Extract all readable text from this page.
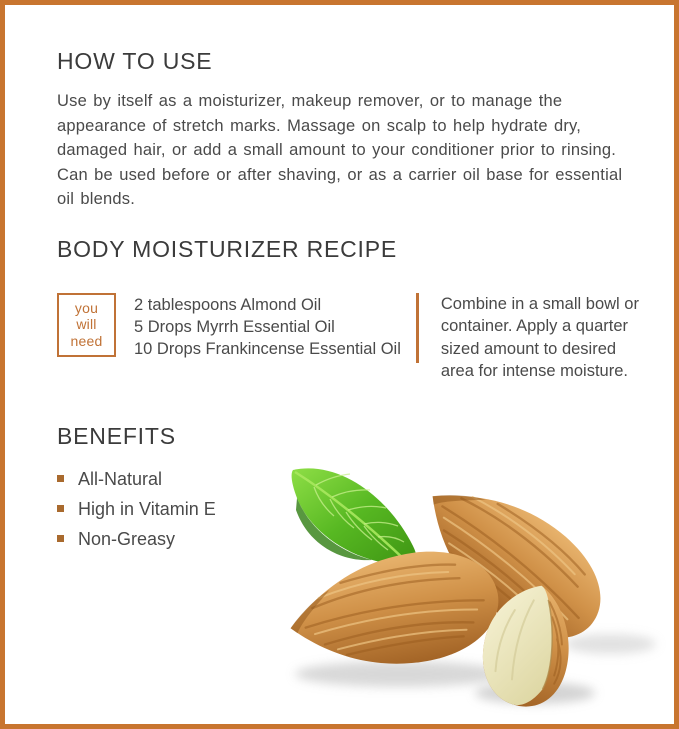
HOW TO USE

Use by itself as a moisturizer, makeup remover, or to manage the appearance of stretch marks. Massage on scalp to help hydrate dry, damaged hair, or add a small amount to your conditioner prior to rinsing. Can be used before or after shaving, or as a carrier oil base for essential oil blends.

BODY MOISTURIZER RECIPE
you
will
need
2 tablespoons Almond Oil
5 Drops Myrrh Essential Oil
10 Drops Frankincense Essential Oil

Combine in a small bowl or container. Apply a quarter sized amount to desired area for intense moisture.

BENEFITS
All-Natural
High in Vitamin E
Non-Greasy
